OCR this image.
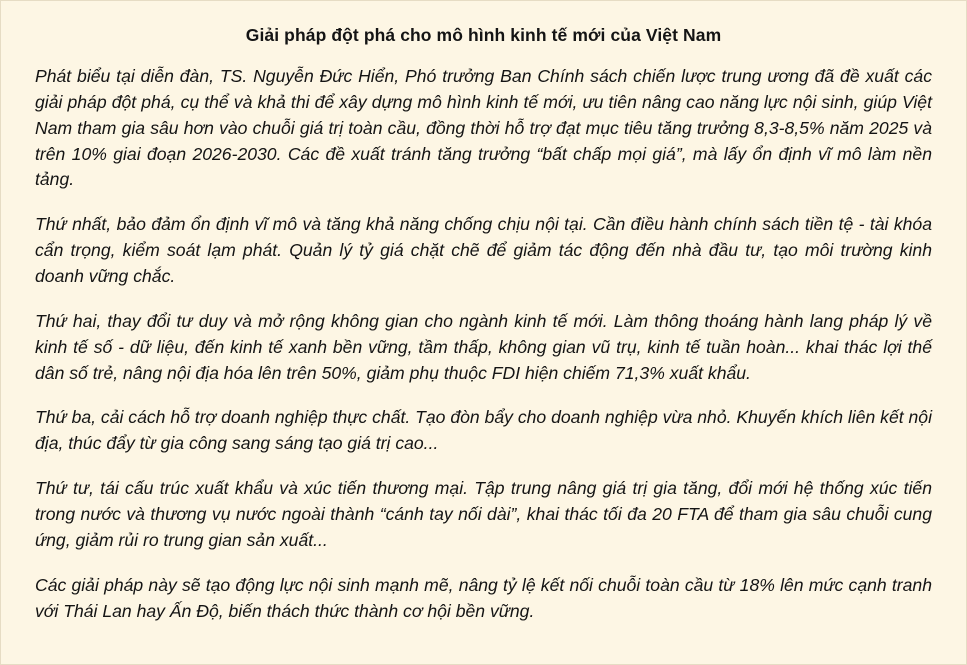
Giải pháp đột phá cho mô hình kinh tế mới của Việt Nam

Phát biểu tại diễn đàn, TS. Nguyễn Đức Hiển, Phó trưởng Ban Chính sách chiến lược trung ương đã đề xuất các giải pháp đột phá, cụ thể và khả thi để xây dựng mô hình kinh tế mới, ưu tiên nâng cao năng lực nội sinh, giúp Việt Nam tham gia sâu hơn vào chuỗi giá trị toàn cầu, đồng thời hỗ trợ đạt mục tiêu tăng trưởng 8,3-8,5% năm 2025 và trên 10% giai đoạn 2026-2030. Các đề xuất tránh tăng trưởng “bất chấp mọi giá”, mà lấy ổn định vĩ mô làm nền tảng.

Thứ nhất, bảo đảm ổn định vĩ mô và tăng khả năng chống chịu nội tại. Cần điều hành chính sách tiền tệ - tài khóa cẩn trọng, kiểm soát lạm phát. Quản lý tỷ giá chặt chẽ để giảm tác động đến nhà đầu tư, tạo môi trường kinh doanh vững chắc.

Thứ hai, thay đổi tư duy và mở rộng không gian cho ngành kinh tế mới. Làm thông thoáng hành lang pháp lý về kinh tế số - dữ liệu, đến kinh tế xanh bền vững, tầm thấp, không gian vũ trụ, kinh tế tuần hoàn... khai thác lợi thế dân số trẻ, nâng nội địa hóa lên trên 50%, giảm phụ thuộc FDI hiện chiếm 71,3% xuất khẩu.

Thứ ba, cải cách hỗ trợ doanh nghiệp thực chất. Tạo đòn bẩy cho doanh nghiệp vừa nhỏ. Khuyến khích liên kết nội địa, thúc đẩy từ gia công sang sáng tạo giá trị cao...

Thứ tư, tái cấu trúc xuất khẩu và xúc tiến thương mại. Tập trung nâng giá trị gia tăng, đổi mới hệ thống xúc tiến trong nước và thương vụ nước ngoài thành “cánh tay nối dài”, khai thác tối đa 20 FTA để tham gia sâu chuỗi cung ứng, giảm rủi ro trung gian sản xuất...

Các giải pháp này sẽ tạo động lực nội sinh mạnh mẽ, nâng tỷ lệ kết nối chuỗi toàn cầu từ 18% lên mức cạnh tranh với Thái Lan hay Ấn Độ, biến thách thức thành cơ hội bền vững.
